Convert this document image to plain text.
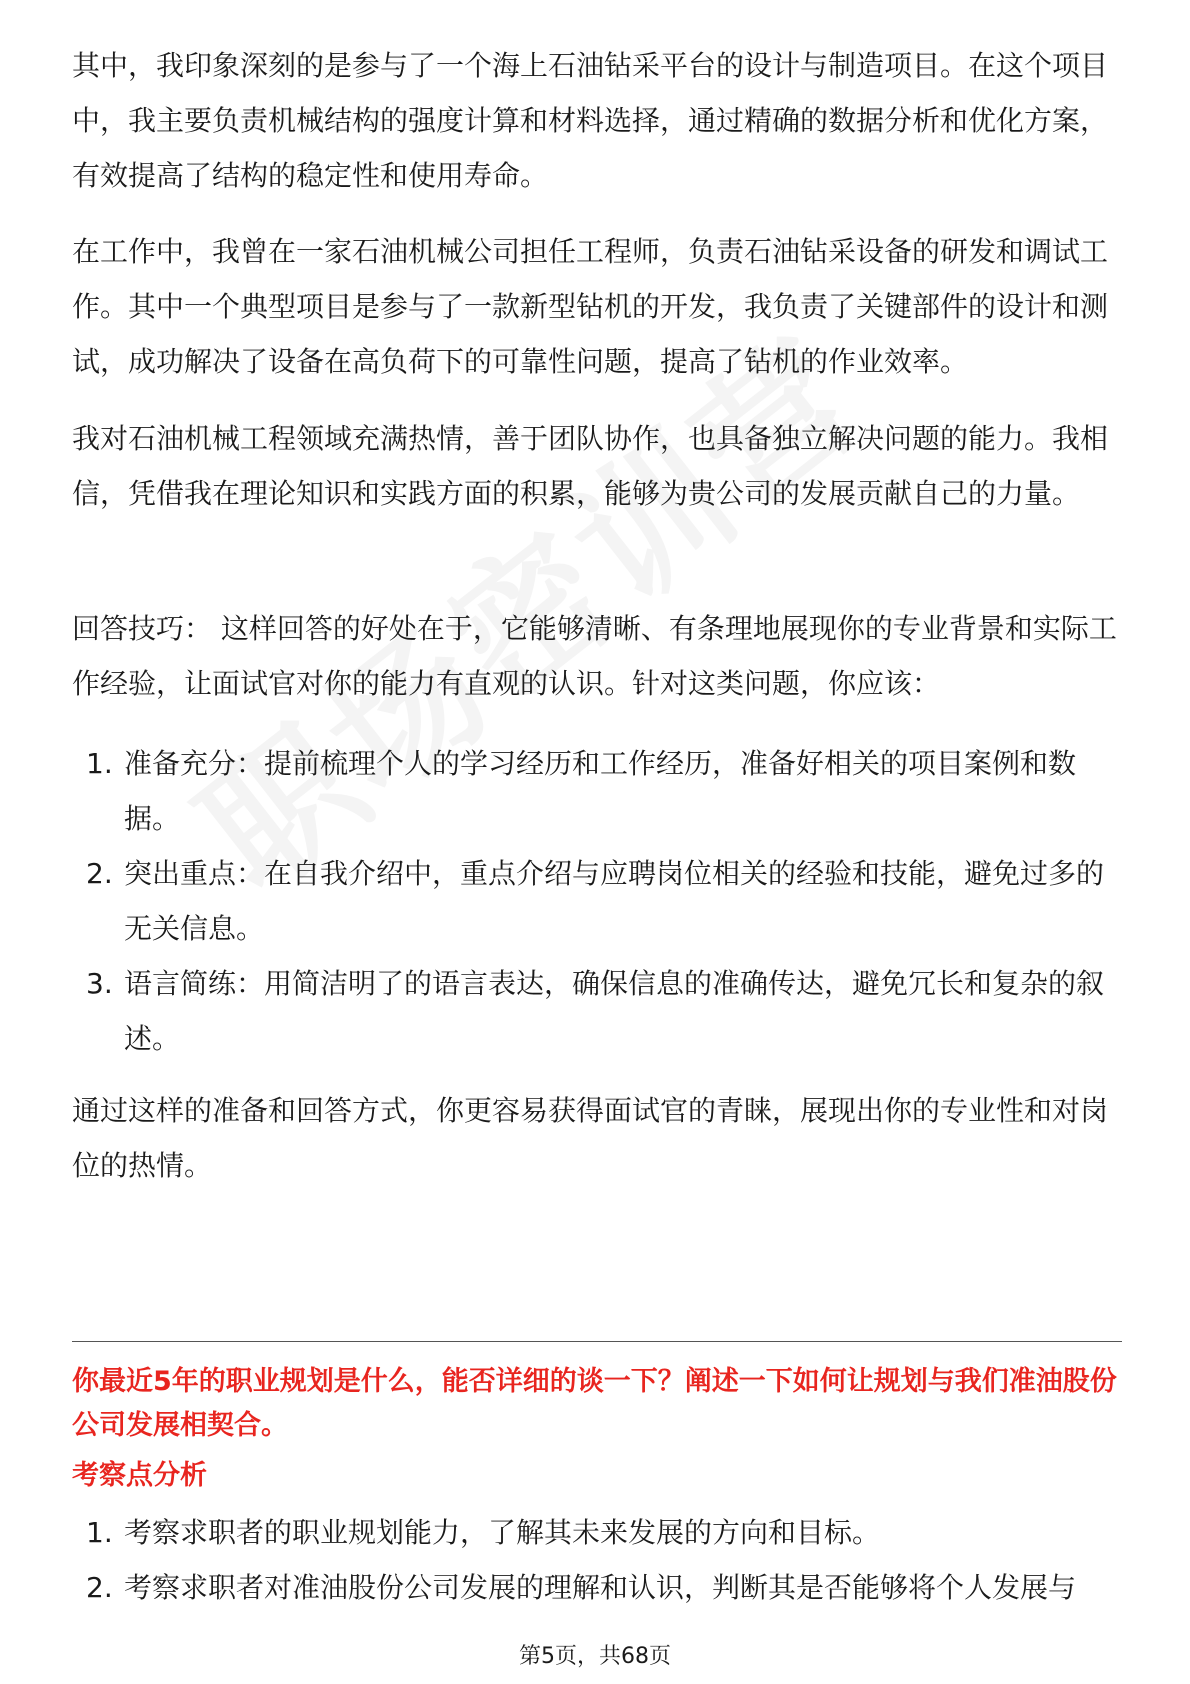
其中，我印象深刻的是参与了一个海上石油钻采平台的设计与制造项目。在这个项目中，我主要负责机械结构的强度计算和材料选择，通过精确的数据分析和优化方案，有效提高了结构的稳定性和使用寿命。

在工作中，我曾在一家石油机械公司担任工程师，负责石油钻采设备的研发和调试工作。其中一个典型项目是参与了一款新型钻机的开发，我负责了关键部件的设计和测试，成功解决了设备在高负荷下的可靠性问题，提高了钻机的作业效率。

我对石油机械工程领域充满热情，善于团队协作，也具备独立解决问题的能力。我相信，凭借我在理论知识和实践方面的积累，能够为贵公司的发展贡献自己的力量。

回答技巧： 这样回答的好处在于，它能够清晰、有条理地展现你的专业背景和实际工作经验，让面试官对你的能力有直观的认识。针对这类问题，你应该：

1. 准备充分：提前梳理个人的学习经历和工作经历，准备好相关的项目案例和数据。
2. 突出重点：在自我介绍中，重点介绍与应聘岗位相关的经验和技能，避免过多的无关信息。
3. 语言简练：用简洁明了的语言表达，确保信息的准确传达，避免冗长和复杂的叙述。

通过这样的准备和回答方式，你更容易获得面试官的青睐，展现出你的专业性和对岗位的热情。

你最近5年的职业规划是什么，能否详细的谈一下？阐述一下如何让规划与我们准油股份公司发展相契合。

考察点分析

1. 考察求职者的职业规划能力，了解其未来发展的方向和目标。
2. 考察求职者对准油股份公司发展的理解和认识，判断其是否能够将个人发展与
第5页，共68页
